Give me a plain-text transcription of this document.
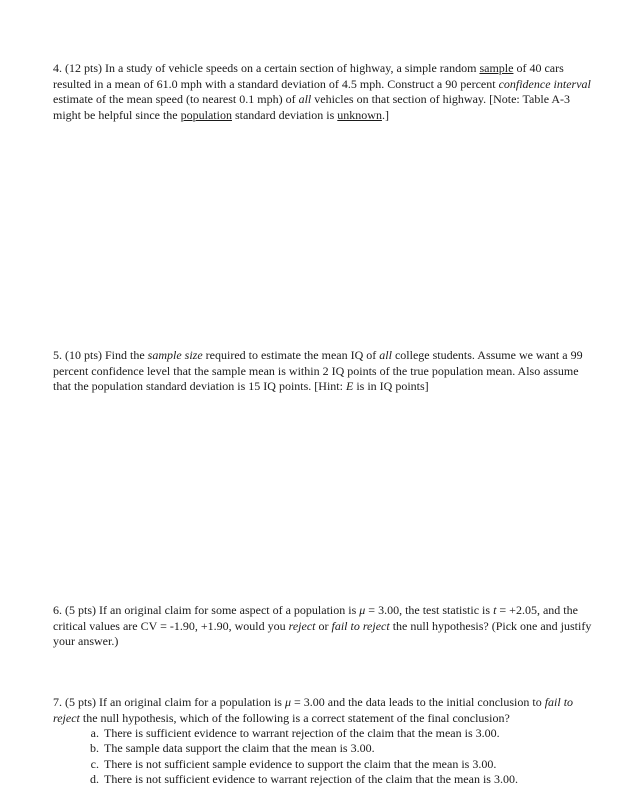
4. (12 pts) In a study of vehicle speeds on a certain section of highway, a simple random sample of 40 cars resulted in a mean of 61.0 mph with a standard deviation of 4.5 mph. Construct a 90 percent confidence interval estimate of the mean speed (to nearest 0.1 mph) of all vehicles on that section of highway. [Note: Table A-3 might be helpful since the population standard deviation is unknown.]

5. (10 pts) Find the sample size required to estimate the mean IQ of all college students. Assume we want a 99 percent confidence level that the sample mean is within 2 IQ points of the true population mean. Also assume that the population standard deviation is 15 IQ points. [Hint: E is in IQ points]

6. (5 pts) If an original claim for some aspect of a population is μ = 3.00, the test statistic is t = +2.05, and the critical values are CV = -1.90, +1.90, would you reject or fail to reject the null hypothesis? (Pick one and justify your answer.)

7. (5 pts) If an original claim for a population is μ = 3.00 and the data leads to the initial conclusion to fail to reject the null hypothesis, which of the following is a correct statement of the final conclusion?

a. There is sufficient evidence to warrant rejection of the claim that the mean is 3.00.
b. The sample data support the claim that the mean is 3.00.
c. There is not sufficient sample evidence to support the claim that the mean is 3.00.
d. There is not sufficient evidence to warrant rejection of the claim that the mean is 3.00.
